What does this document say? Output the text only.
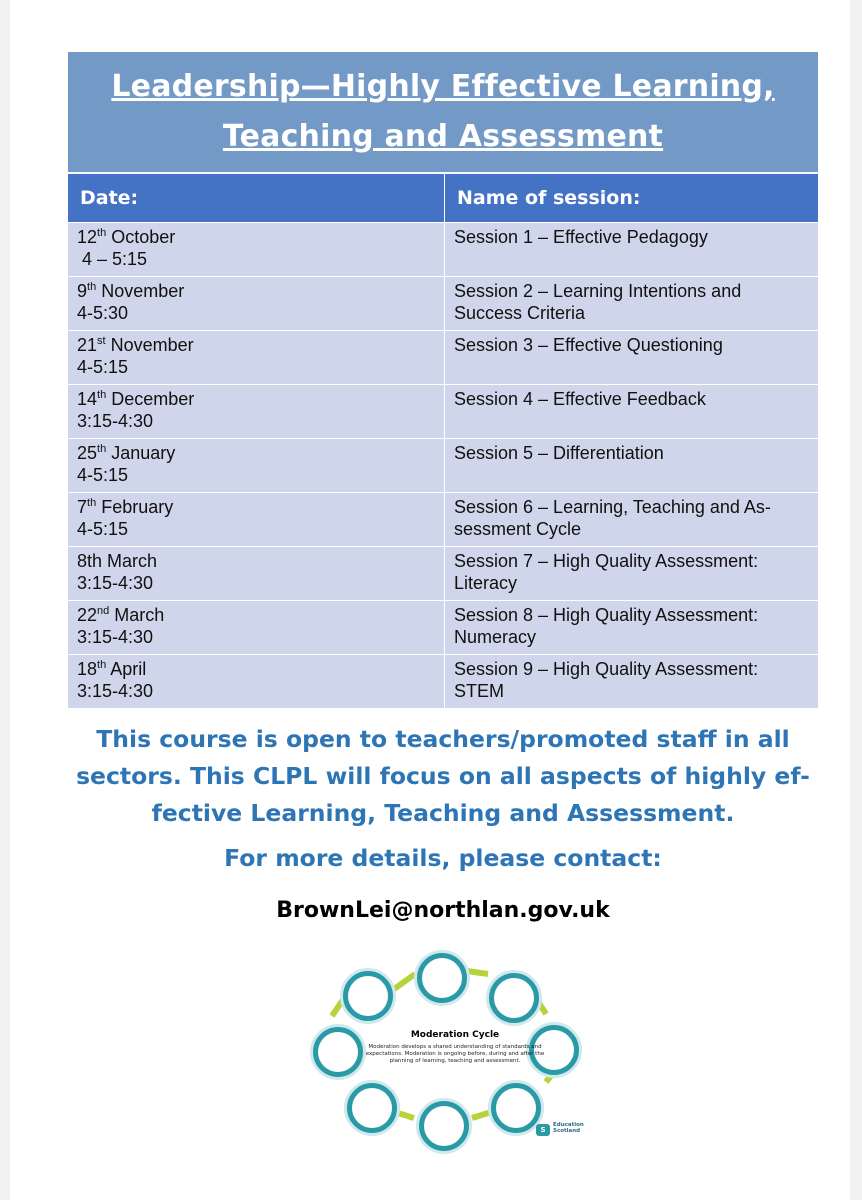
Leadership—Highly Effective Learning,
Teaching and Assessment
Date:	Name of session:
12th October
4 – 5:15	Session 1 – Effective Pedagogy
9th November
4-5:30	Session 2 – Learning Intentions and Success Criteria
21st November
4-5:15	Session 3 – Effective Questioning
14th December
3:15-4:30	Session 4 – Effective Feedback
25th January
4-5:15	Session 5 – Differentiation
7th February
4-5:15	Session 6 – Learning, Teaching and As-sessment Cycle
8th March
3:15-4:30	Session 7 – High Quality Assessment: Literacy
22nd March
3:15-4:30	Session 8 – High Quality Assessment: Numeracy
18th April
3:15-4:30	Session 9 – High Quality Assessment: STEM
This course is open to teachers/promoted staff in all
sectors. This CLPL will focus on all aspects of highly ef-
fective Learning, Teaching and Assessment.
For more details, please contact:
BrownLei@northlan.gov.uk
Moderation Cycle
Moderation develops a shared understanding of standards and expectations. Moderation is ongoing before, during and after the planning of learning, teaching and assessment.
S
Education Scotland
